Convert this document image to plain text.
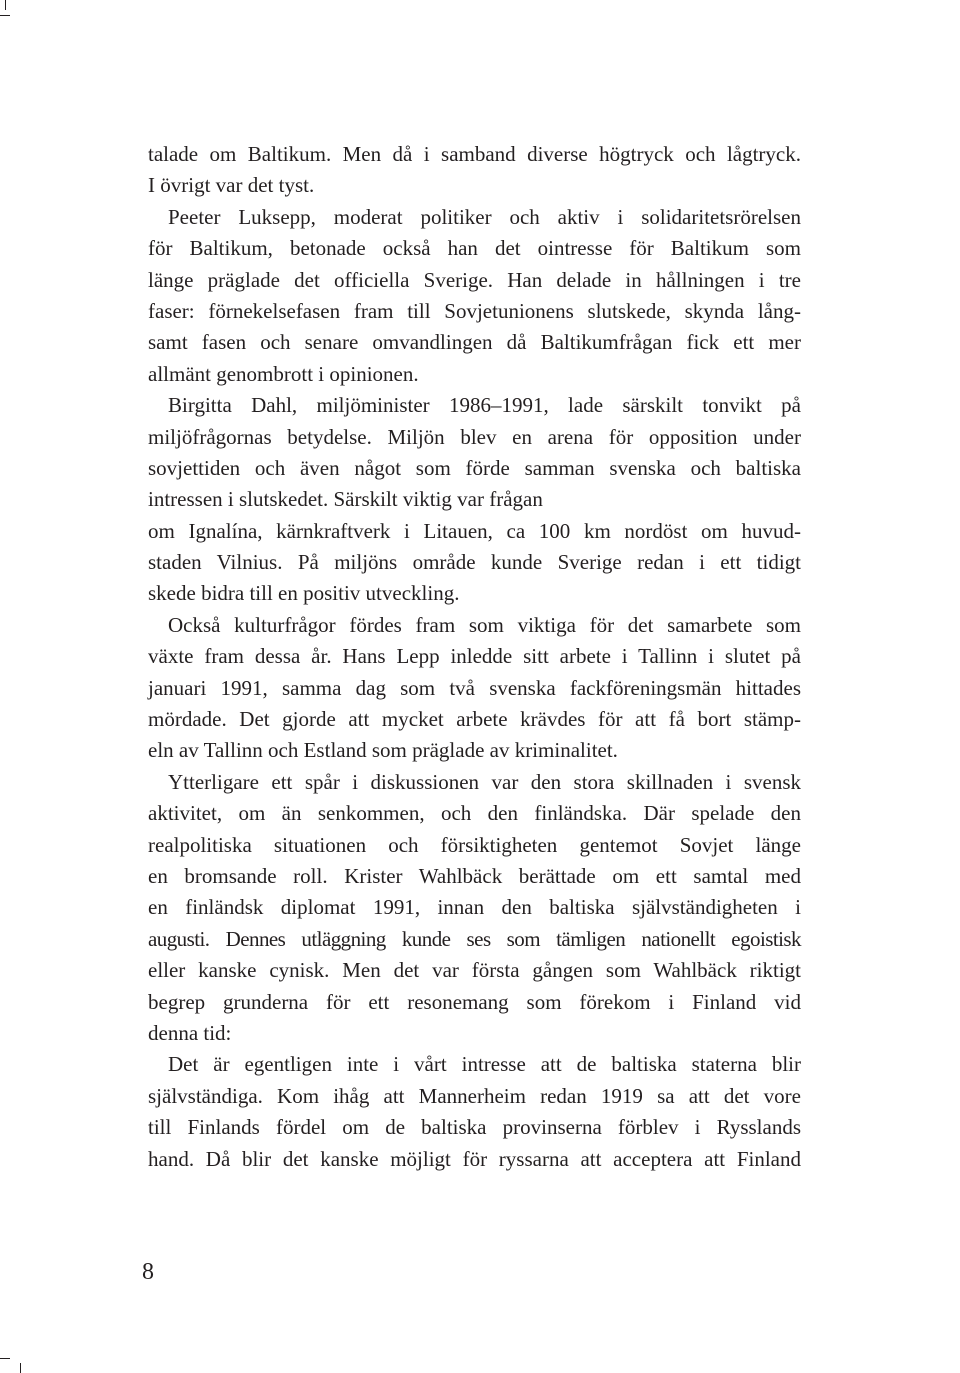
talade om Baltikum. Men då i samband diverse högtryck och lågtryck.
I övrigt var det tyst.
Peeter Luksepp, moderat politiker och aktiv i solidaritetsrörelsen
för Baltikum, betonade också han det ointresse för Baltikum som
länge präglade det officiella Sverige. Han delade in hållningen i tre
faser: förnekelsefasen fram till Sovjetunionens slutskede, skynda lång-
samt fasen och senare omvandlingen då Baltikumfrågan fick ett mer
allmänt genombrott i opinionen.
Birgitta Dahl, miljöminister 1986–1991, lade särskilt tonvikt på
miljöfrågornas betydelse. Miljön blev en arena för opposition under
sovjettiden och även något som förde samman svenska och baltiska
intressen i slutskedet. Särskilt viktig var frågan
om Ignalína, kärnkraftverk i Litauen, ca 100 km nordöst om huvud-
staden Vilnius. På miljöns område kunde Sverige redan i ett tidigt
skede bidra till en positiv utveckling.
Också kulturfrågor fördes fram som viktiga för det samarbete som
växte fram dessa år. Hans Lepp inledde sitt arbete i Tallinn i slutet på
januari 1991, samma dag som två svenska fackföreningsmän hittades
mördade. Det gjorde att mycket arbete krävdes för att få bort stämp-
eln av Tallinn och Estland som präglade av kriminalitet.
Ytterligare ett spår i diskussionen var den stora skillnaden i svensk
aktivitet, om än senkommen, och den finländska. Där spelade den
realpolitiska situationen och försiktigheten gentemot Sovjet länge
en bromsande roll. Krister Wahlbäck berättade om ett samtal med
en finländsk diplomat 1991, innan den baltiska självständigheten i
augusti. Dennes utläggning kunde ses som tämligen nationellt egoistisk
eller kanske cynisk. Men det var första gången som Wahlbäck riktigt
begrep grunderna för ett resonemang som förekom i Finland vid
denna tid:
Det är egentligen inte i vårt intresse att de baltiska staterna blir
självständiga. Kom ihåg att Mannerheim redan 1919 sa att det vore
till Finlands fördel om de baltiska provinserna förblev i Rysslands
hand. Då blir det kanske möjligt för ryssarna att acceptera att Finland
8
